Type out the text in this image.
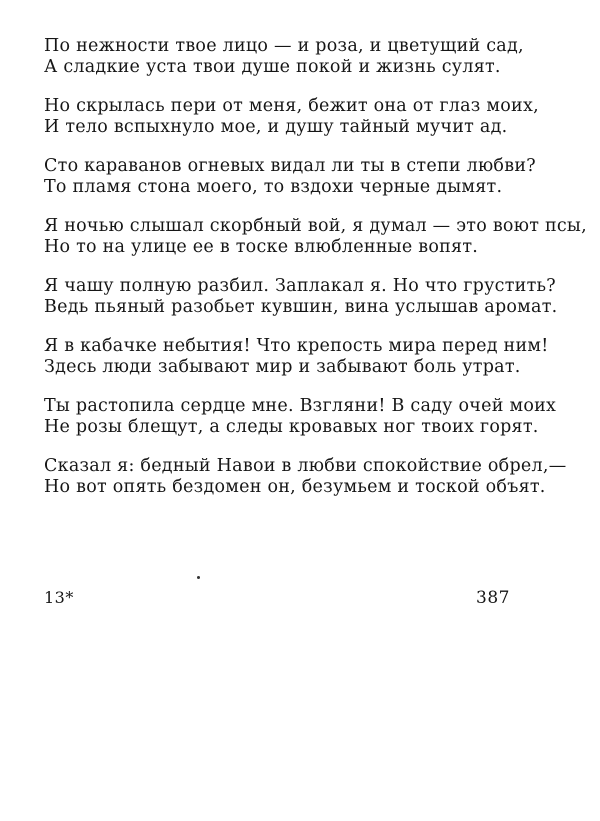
По нежности твое лицо — и роза, и цветущий сад,
А сладкие уста твои душе покой и жизнь сулят.
Но скрылась пери от меня, бежит она от глаз моих,
И тело вспыхнуло мое, и душу тайный мучит ад.
Сто караванов огневых видал ли ты в степи любви?
То пламя стона моего, то вздохи черные дымят.
Я ночью слышал скорбный вой, я думал — это воют псы,
Но то на улице ее в тоске влюбленные вопят.
Я чашу полную разбил. Заплакал я. Но что грустить?
Ведь пьяный разобьет кувшин, вина услышав аромат.
Я в кабачке небытия! Что крепость мира перед ним!
Здесь люди забывают мир и забывают боль утрат.
Ты растопила сердце мне. Взгляни! В саду очей моих
Не розы блещут, а следы кровавых ног твоих горят.
Сказал я: бедный Навои в любви спокойствие обрел,—
Но вот опять бездомен он, безумьем и тоской объят.
13*	387
